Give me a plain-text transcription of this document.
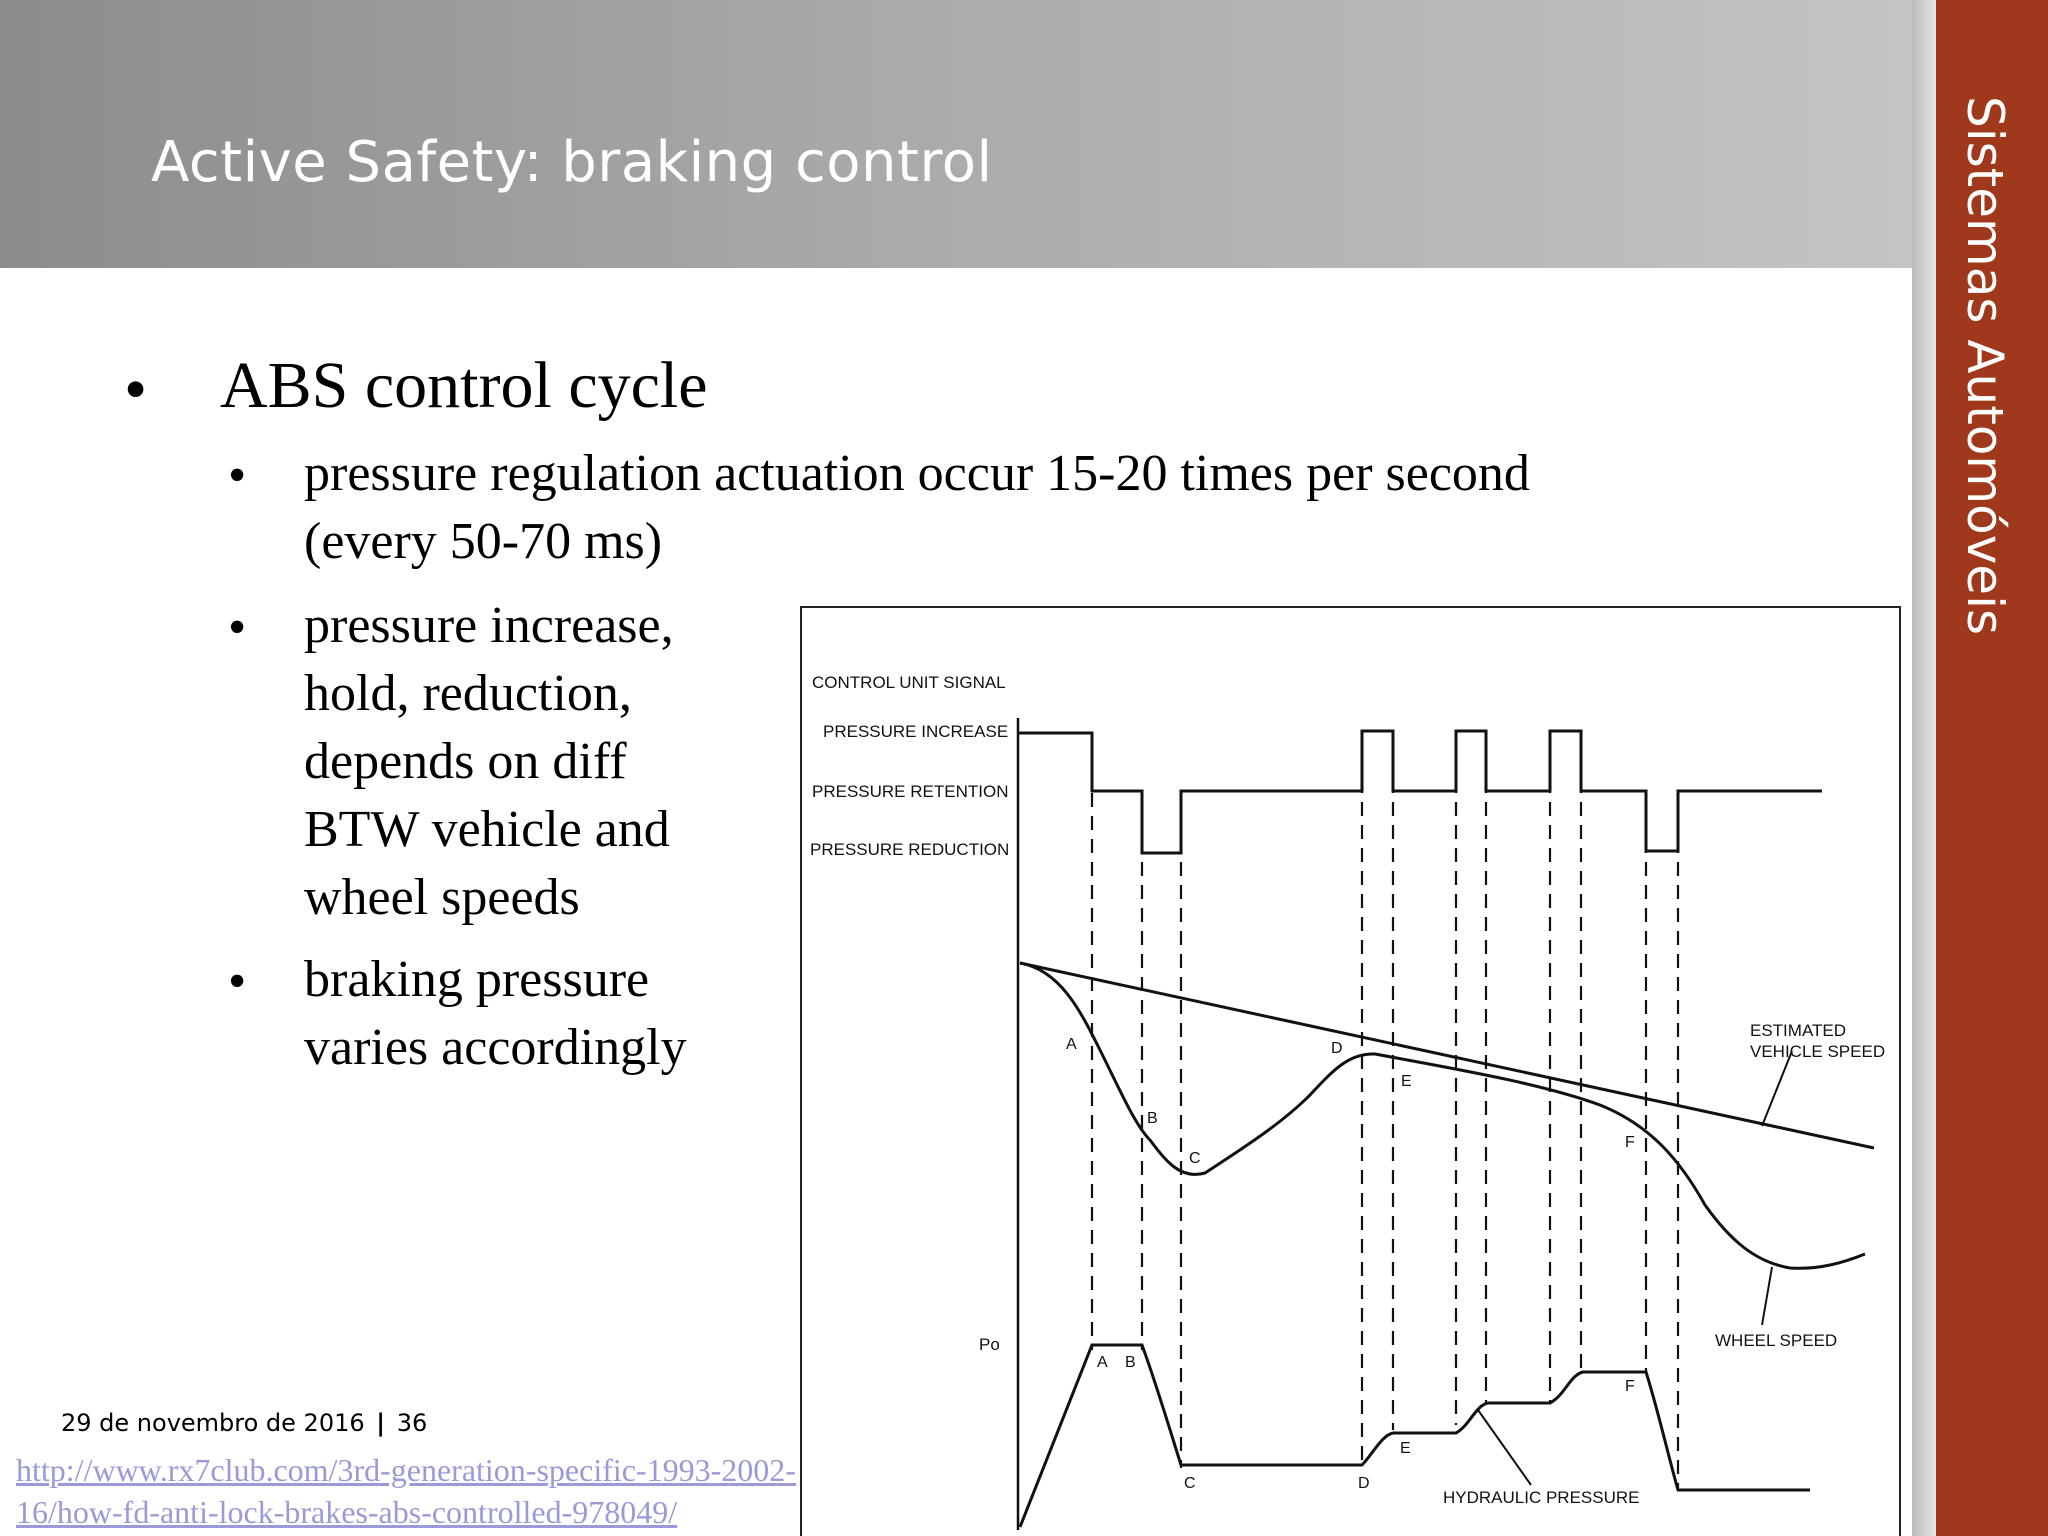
Active Safety: braking control	Sistemas Automóveis
• ABS control cycle
• pressure regulation actuation occur 15-20 times per second
(every 50-70 ms)
• pressure increase,
hold, reduction,
depends on diff
BTW vehicle and
wheel speeds
• braking pressure
varies accordingly
CONTROL UNIT SIGNAL
PRESSURE INCREASE
PRESSURE RETENTION
PRESSURE REDUCTION
ESTIMATED
VEHICLE SPEED
WHEEL SPEED
HYDRAULIC PRESSURE
Po
A
B
C
D
E
F
A B
C	D
E
F
29 de novembro de 2016 | 36
http://www.rx7club.com/3rd-generation-specific-1993-2002-
16/how-fd-anti-lock-brakes-abs-controlled-978049/
